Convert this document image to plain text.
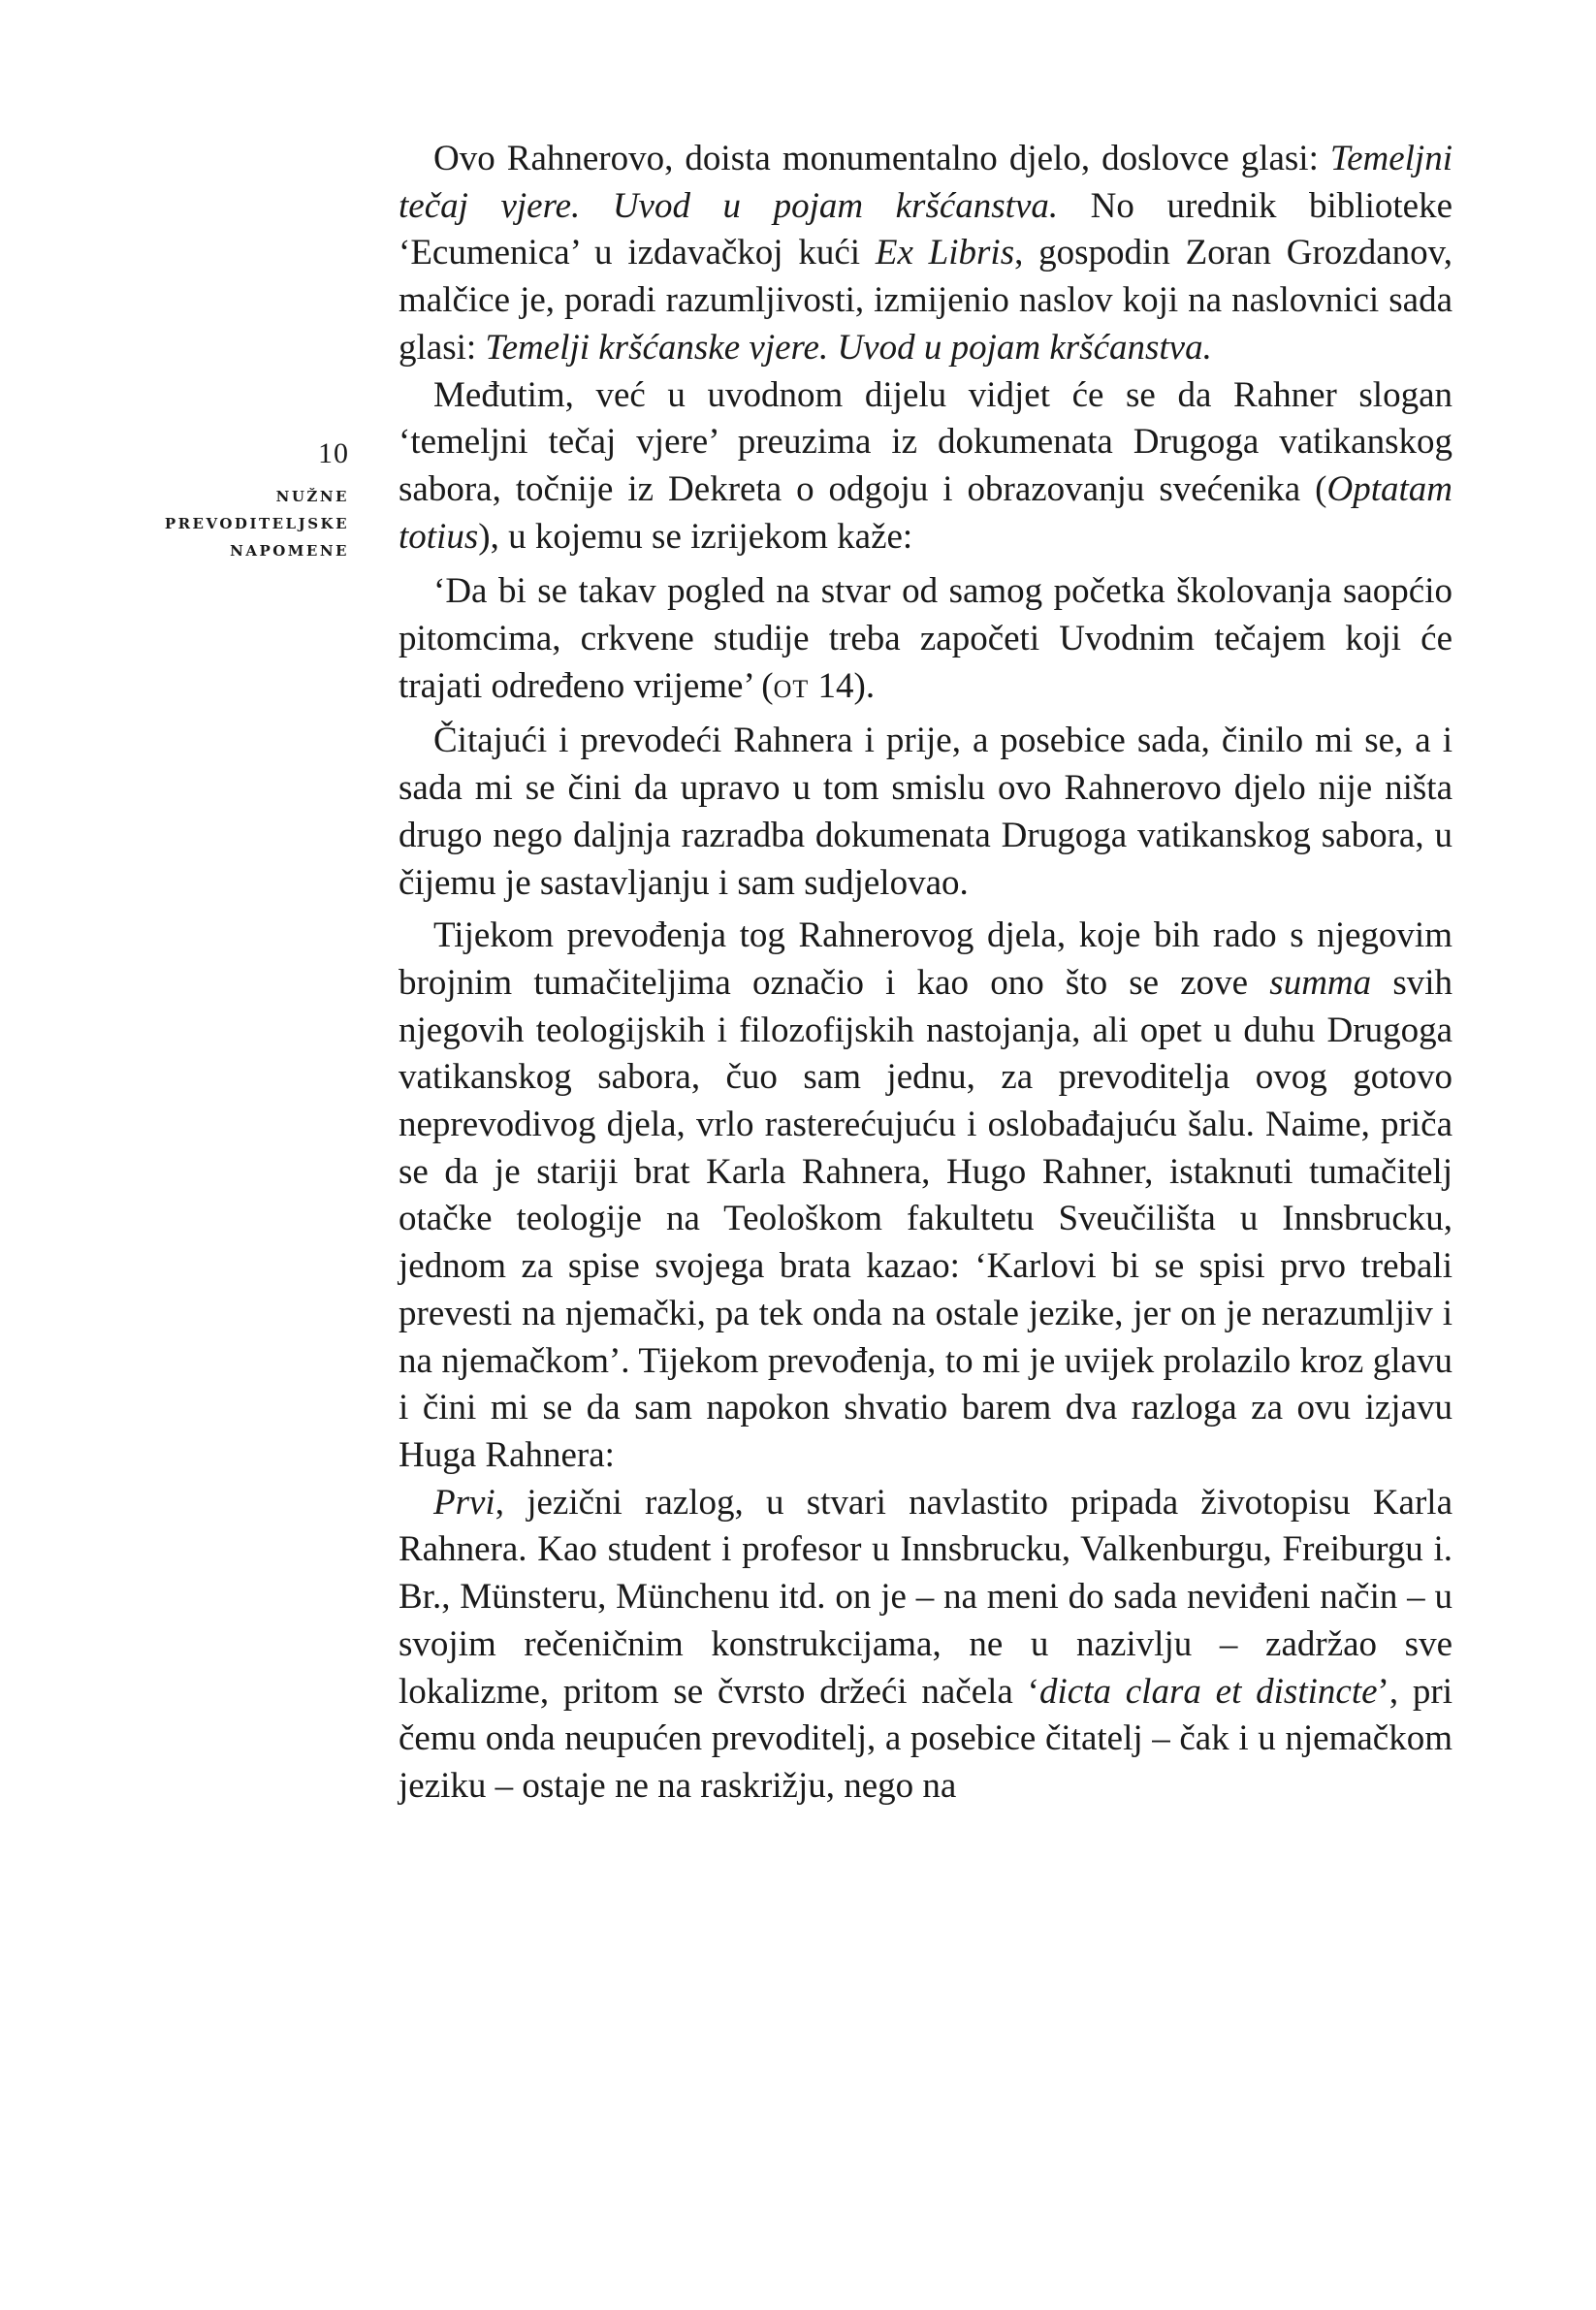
10
NUŽNE
PREVODITELJSKE
NAPOMENE

Ovo Rahnerovo, doista monumentalno djelo, doslovce glasi: Temeljni tečaj vjere. Uvod u pojam kršćanstva. No urednik biblioteke ‘Ecumenica’ u izdavačkoj kući Ex Libris, gospodin Zoran Grozdanov, malčice je, poradi razumljivosti, izmijenio naslov koji na naslovnici sada glasi: Temelji kršćanske vjere. Uvod u pojam kršćanstva.

Međutim, već u uvodnom dijelu vidjet će se da Rahner slogan ‘temeljni tečaj vjere’ preuzima iz dokumenata Drugoga vatikanskog sabora, točnije iz Dekreta o odgoju i obrazovanju svećenika (Optatam totius), u kojemu se izrijekom kaže:

‘Da bi se takav pogled na stvar od samog početka školovanja saopćio pitomcima, crkvene studije treba započeti Uvodnim tečajem koji će trajati određeno vrijeme’ (ot 14).

Čitajući i prevodeći Rahnera i prije, a posebice sada, činilo mi se, a i sada mi se čini da upravo u tom smislu ovo Rahnerovo djelo nije ništa drugo nego daljnja razradba dokumenata Drugoga vatikanskog sabora, u čijemu je sastavljanju i sam sudjelovao.

Tijekom prevođenja tog Rahnerovog djela, koje bih rado s njegovim brojnim tumačiteljima označio i kao ono što se zove summa svih njegovih teologijskih i filozofijskih nastojanja, ali opet u duhu Drugoga vatikanskog sabora, čuo sam jednu, za prevoditelja ovog gotovo neprevodivog djela, vrlo rasterećujuću i oslobađajuću šalu. Naime, priča se da je stariji brat Karla Rahnera, Hugo Rahner, istaknuti tumačitelj otačke teologije na Teološkom fakultetu Sveučilišta u Innsbrucku, jednom za spise svojega brata kazao: ‘Karlovi bi se spisi prvo trebali prevesti na njemački, pa tek onda na ostale jezike, jer on je nerazumljiv i na njemačkom’. Tijekom prevođenja, to mi je uvijek prolazilo kroz glavu i čini mi se da sam napokon shvatio barem dva razloga za ovu izjavu Huga Rahnera:

Prvi, jezični razlog, u stvari navlastito pripada životopisu Karla Rahnera. Kao student i profesor u Innsbrucku, Valkenburgu, Freiburgu i. Br., Münsteru, Münchenu itd. on je – na meni do sada neviđeni način – u svojim rečeničnim konstrukcijama, ne u nazivlju – zadržao sve lokalizme, pritom se čvrsto držeći načela ‘dicta clara et distincte’, pri čemu onda neupućen prevoditelj, a posebice čitatelj – čak i u njemačkom jeziku – ostaje ne na raskrižju, nego na
